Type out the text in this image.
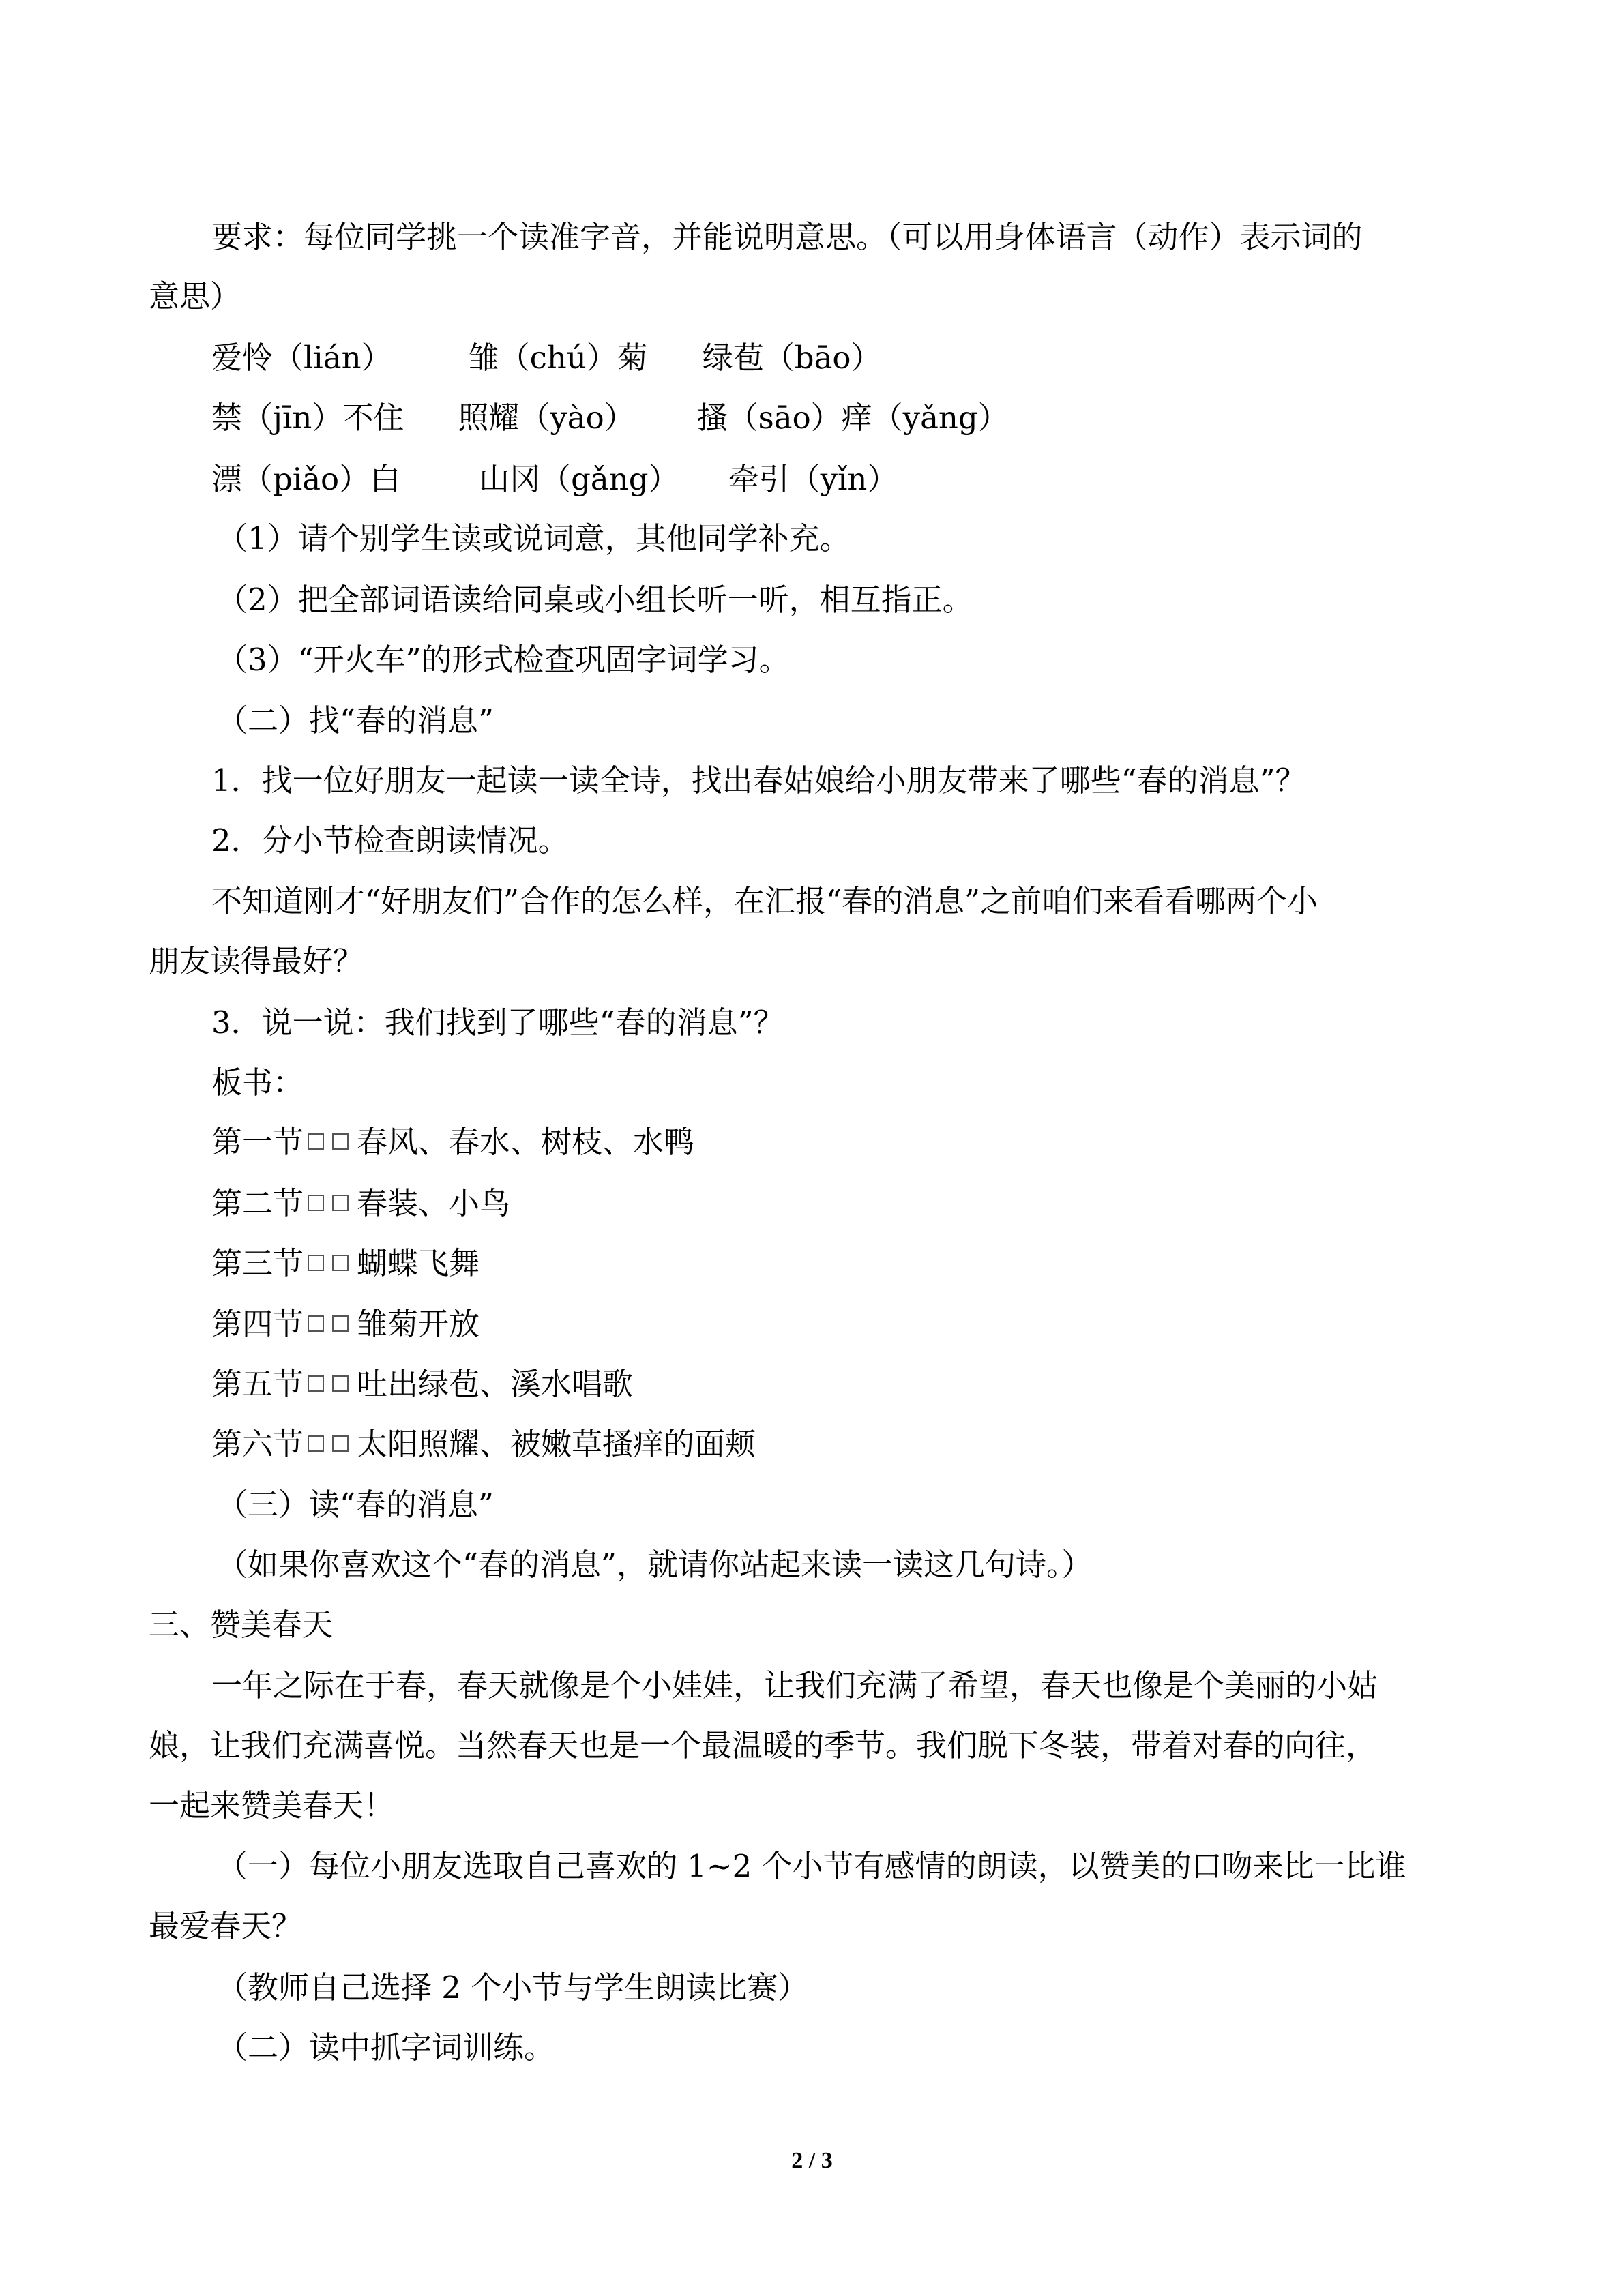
要求：每位同学挑一个读准字音，并能说明意思。（可以用身体语言（动作）表示词的
意思）
爱怜（lián） 雏（chú）菊 绿苞（bāo）
禁（jīn）不住 照耀（yào） 搔（sāo）痒（yǎng）
漂（piǎo）白	山冈（gǎng） 牵引（yǐn）
（1）请个别学生读或说词意，其他同学补充。
（2）把全部词语读给同桌或小组长听一听，相互指正。
（3）“开火车”的形式检查巩固字词学习。
（二）找“春的消息”
1．找一位好朋友一起读一读全诗，找出春姑娘给小朋友带来了哪些“春的消息”？
2．分小节检查朗读情况。
不知道刚才“好朋友们”合作的怎么样，在汇报“春的消息”之前咱们来看看哪两个小
朋友读得最好？
3．说一说：我们找到了哪些“春的消息”？
板书：
第一节 春风、春水、树枝、水鸭
第二节 春装、小鸟
第三节 蝴蝶飞舞
第四节 雏菊开放
第五节 吐出绿苞、溪水唱歌
第六节 太阳照耀、被嫩草搔痒的面颊
（三）读“春的消息”
（如果你喜欢这个“春的消息”，就请你站起来读一读这几句诗。）
三、赞美春天
一年之际在于春，春天就像是个小娃娃，让我们充满了希望，春天也像是个美丽的小姑
娘，让我们充满喜悦。当然春天也是一个最温暖的季节。我们脱下冬装，带着对春的向往，
一起来赞美春天！
（一）每位小朋友选取自己喜欢的 1~2 个小节有感情的朗读，以赞美的口吻来比一比谁
最爱春天？
（教师自己选择 2 个小节与学生朗读比赛）
（二）读中抓字词训练。
2 / 3
